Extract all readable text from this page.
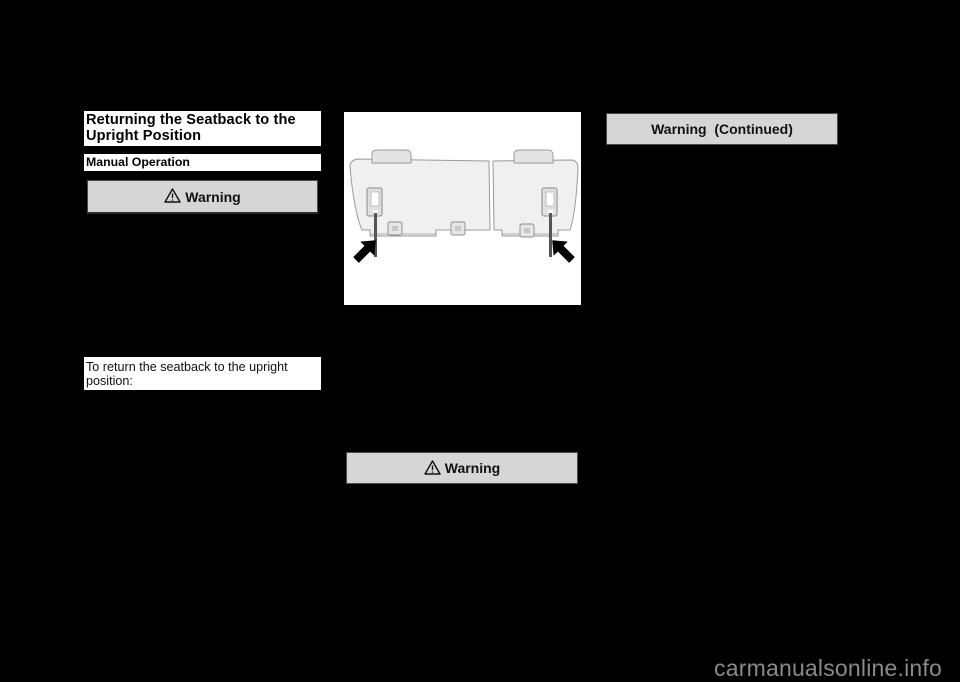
Returning the Seatback to the
Upright Position
Manual Operation
Warning
To return the seatback to the upright
position:
Warning
Warning  (Continued)
carmanualsonline.info
